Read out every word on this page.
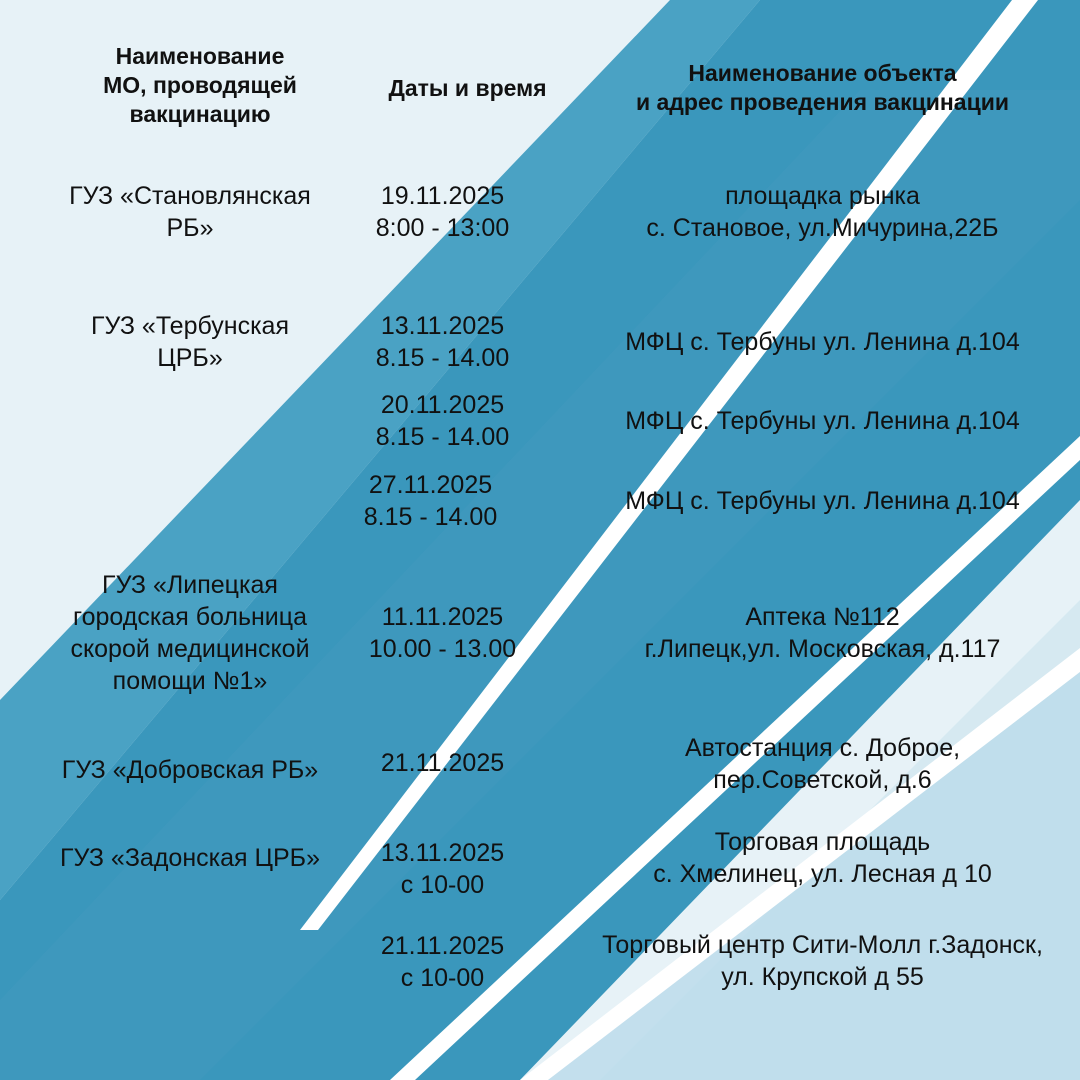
Наименование
МО, проводящей
вакцинацию
Даты и время
Наименование объекта
и адрес проведения вакцинации
ГУЗ «Становлянская
РБ»
19.11.2025
8:00 - 13:00
площадка рынка
с. Становое, ул.Мичурина,22Б
ГУЗ «Тербунская
ЦРБ»
13.11.2025
8.15 - 14.00
МФЦ с. Тербуны ул. Ленина д.104
20.11.2025
8.15 - 14.00
МФЦ с. Тербуны ул. Ленина д.104
27.11.2025
8.15 - 14.00
МФЦ с. Тербуны ул. Ленина д.104
ГУЗ «Липецкая
городская больница
скорой медицинской
помощи №1»
11.11.2025
10.00 - 13.00
Аптека №112
г.Липецк,ул. Московская, д.117
ГУЗ «Добровская РБ»	21.11.2025
Автостанция с. Доброе,
пер.Советской, д.6
ГУЗ «Задонская ЦРБ»	13.11.2025
с 10-00
Торговая площадь
с. Хмелинец, ул. Лесная д 10
21.11.2025
с 10-00
Торговый центр Сити-Молл г.Задонск,
ул. Крупской д 55
